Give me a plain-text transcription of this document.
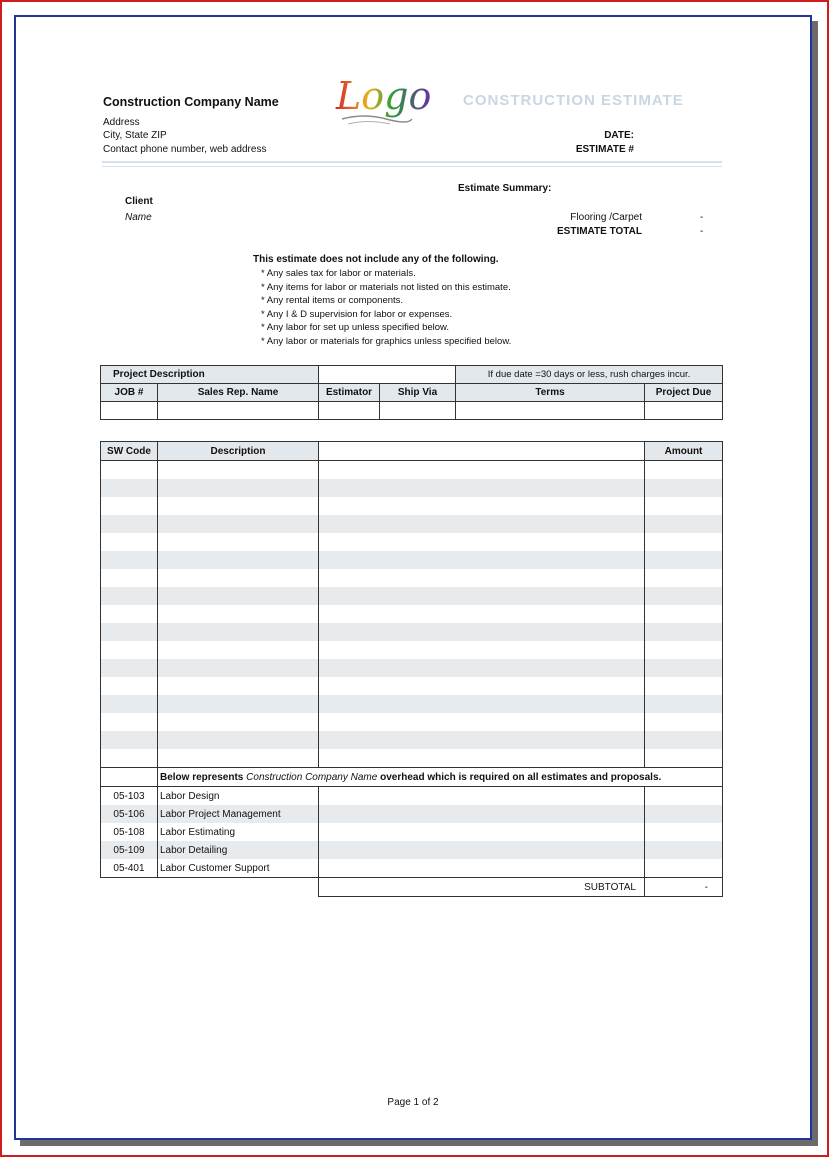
Construction Company Name
Address
City, State ZIP
Contact phone number, web address
Logo CONSTRUCTION ESTIMATE
DATE:
ESTIMATE #
Estimate Summary:
Client
Name	Flooring /Carpet	-
ESTIMATE TOTAL	-
This estimate does not include any of the following.
* Any sales tax for labor or materials.
* Any items for labor or materials not listed on this estimate.
* Any rental items or components.
* Any I & D supervision for labor or expenses.
* Any labor for set up unless specified below.
* Any labor or materials for graphics unless specified below.
Project Description				If due date =30 days or less, rush charges incur.	
JOB #	Sales Rep. Name	Estimator	Ship Via	Terms	Project Due

SW Code	Description		Amount

	Below represents Construction Company Name overhead which is required on all estimates and proposals.		
05-103	Labor Design		
05-106	Labor Project Management		
05-108	Labor Estimating		
05-109	Labor Detailing		
05-401	Labor Customer Support		
		SUBTOTAL	-
Page 1 of 2
